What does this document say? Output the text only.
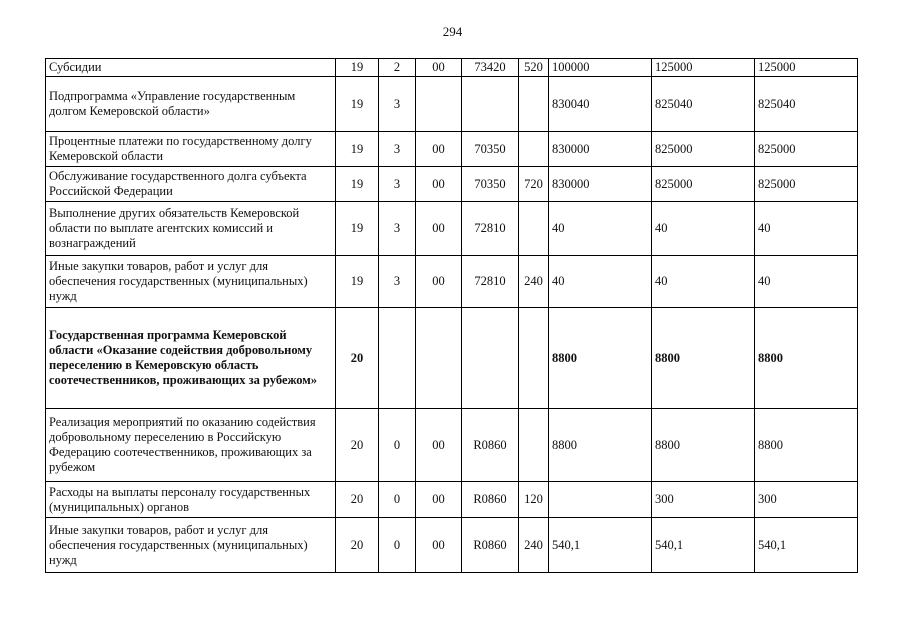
294
Субсидии	19	2	00	73420	520	100000	125000	125000
Подпрограмма «Управление государственным долгом Кемеровской области»	19	3				830040	825040	825040
Процентные платежи по государственному долгу Кемеровской области	19	3	00	70350		830000	825000	825000
Обслуживание государственного долга субъекта Российской Федерации	19	3	00	70350	720	830000	825000	825000
Выполнение других обязательств Кемеровской области по выплате агентских комиссий и вознаграждений	19	3	00	72810		40	40	40
Иные закупки товаров, работ и услуг для обеспечения государственных (муниципальных) нужд	19	3	00	72810	240	40	40	40
Государственная программа Кемеровской области «Оказание содействия добровольному переселению в Кемеровскую область соотечественников, проживающих за рубежом»	20					8800	8800	8800
Реализация мероприятий по оказанию содействия добровольному переселению в Российскую Федерацию соотечественников, проживающих за рубежом	20	0	00	R0860		8800	8800	8800
Расходы на выплаты персоналу государственных (муниципальных) органов	20	0	00	R0860	120		300	300
Иные закупки товаров, работ и услуг для обеспечения государственных (муниципальных) нужд	20	0	00	R0860	240	540,1	540,1	540,1
